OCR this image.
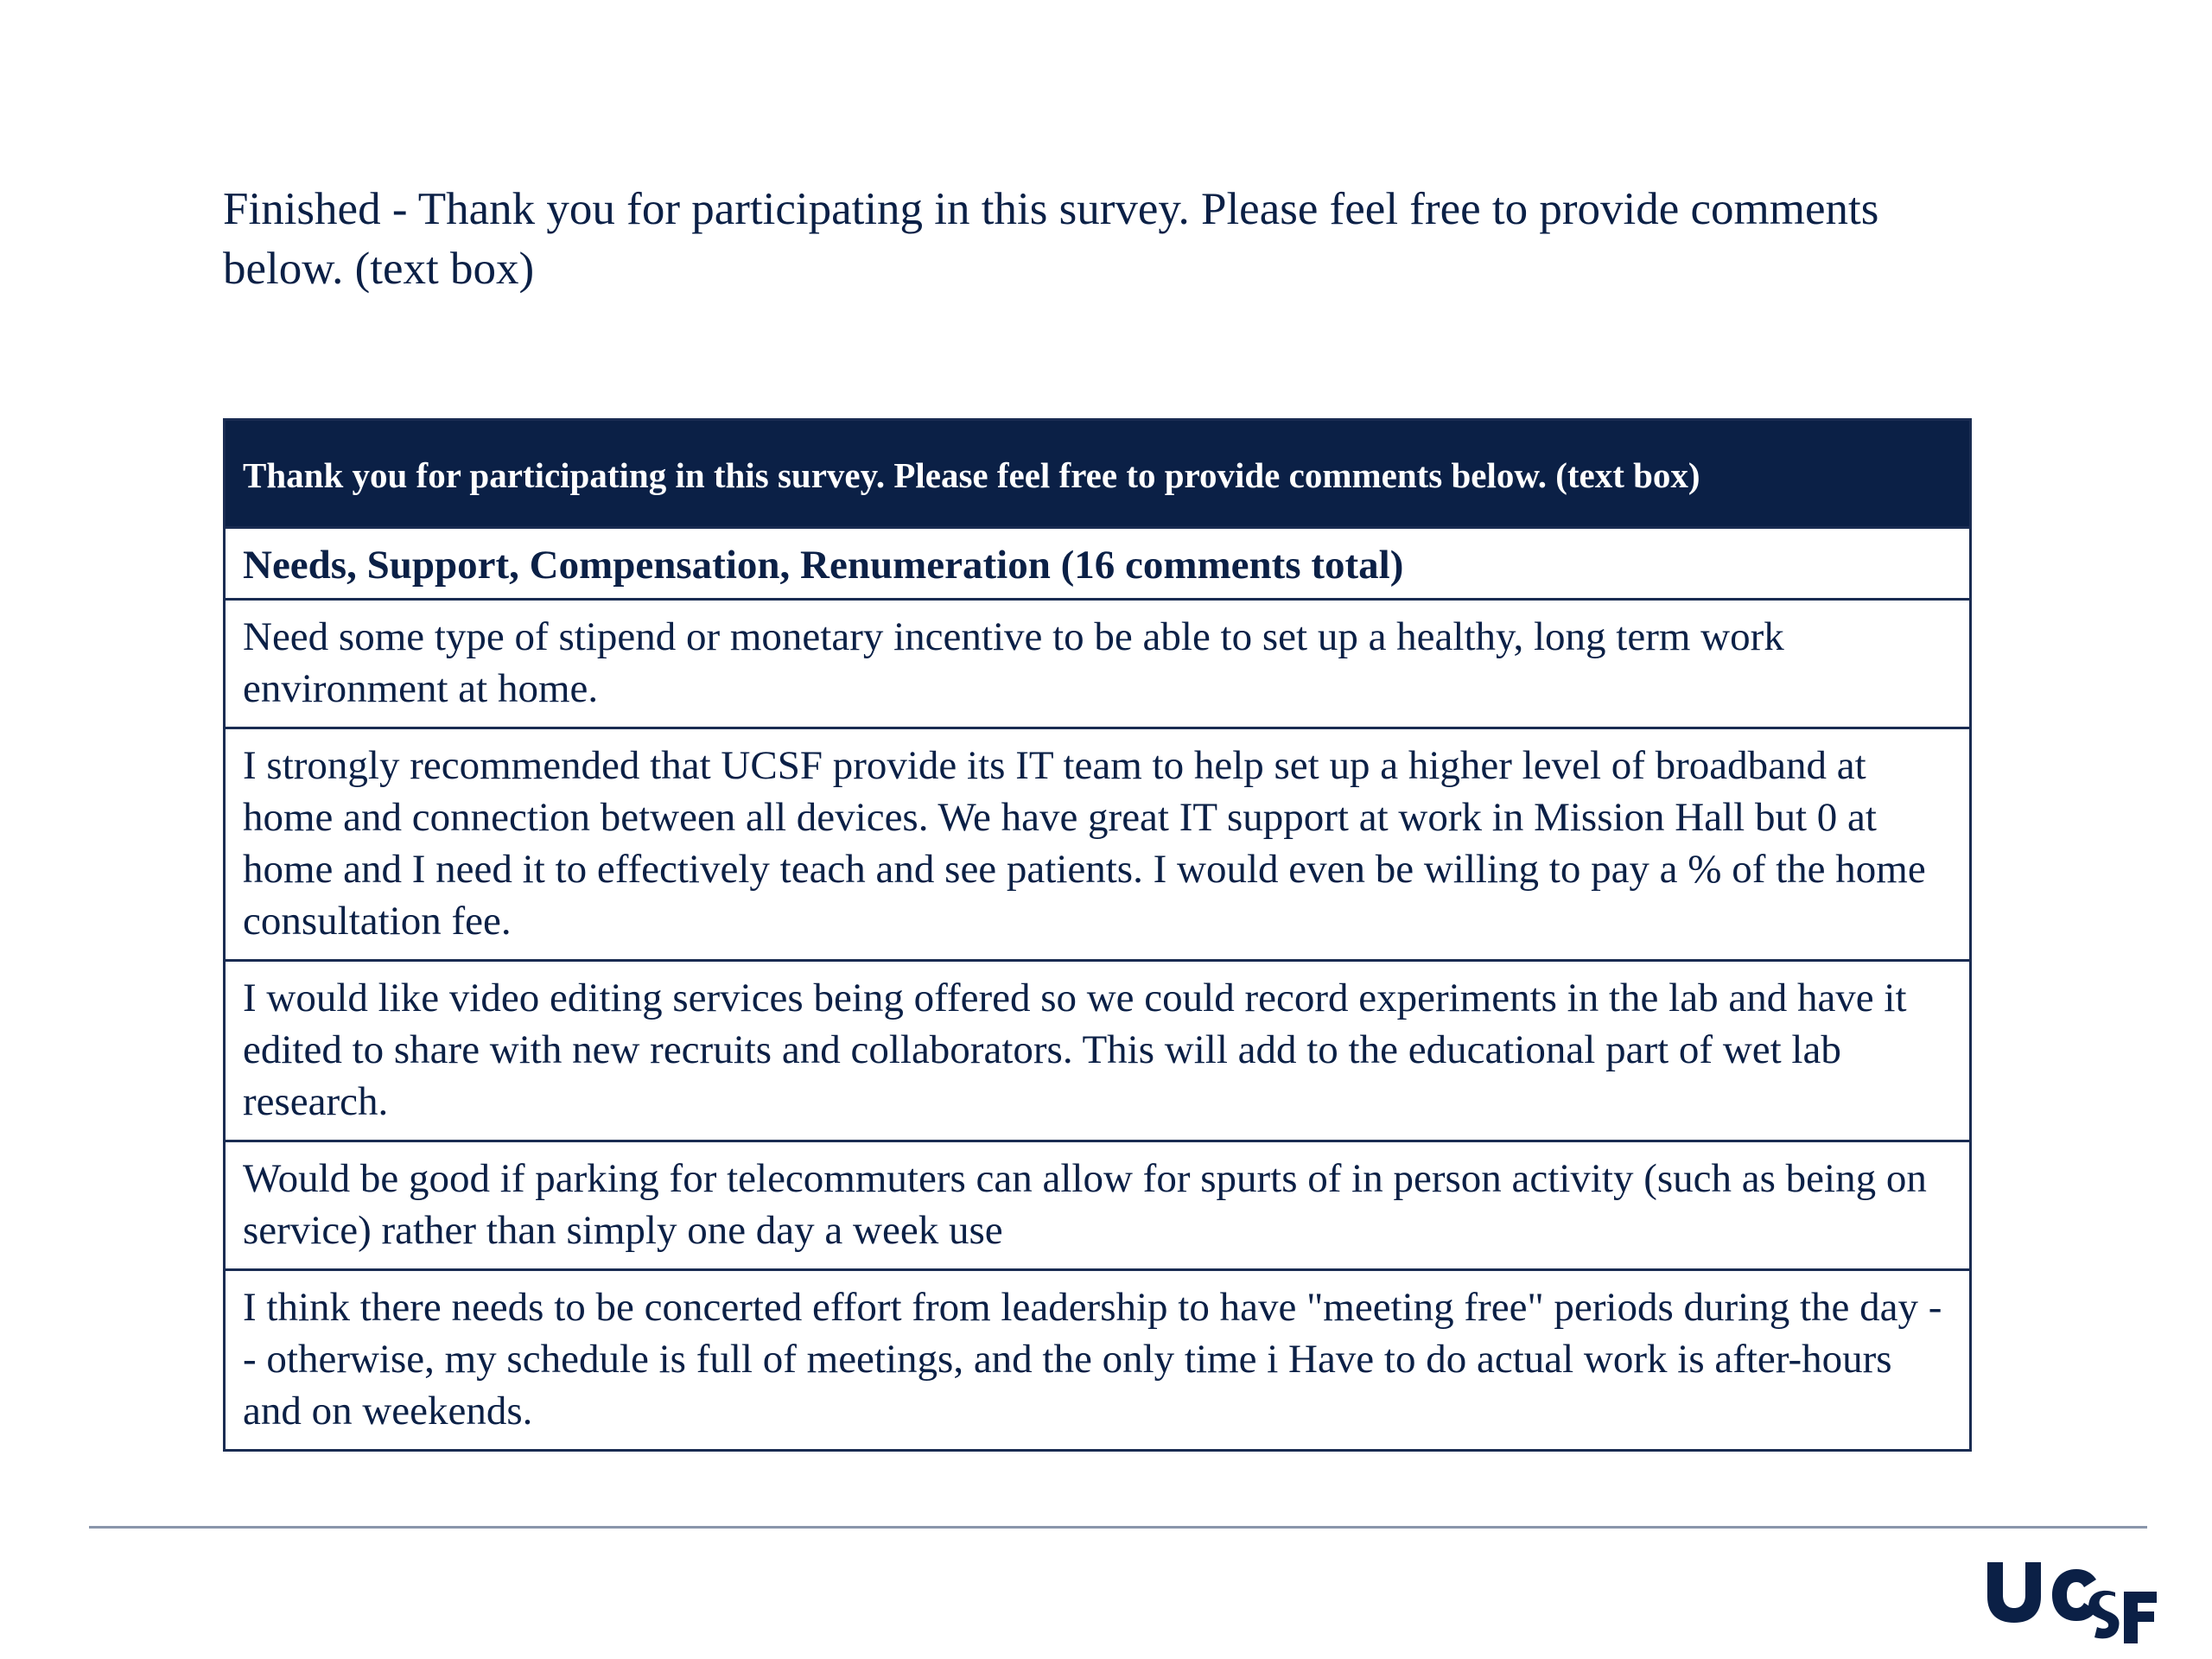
Finished - Thank you for participating in this survey. Please feel free to provide comments below. (text box)
Thank you for participating in this survey. Please feel free to provide comments below. (text box)
Needs, Support, Compensation, Renumeration (16 comments total)
Need some type of stipend or monetary incentive to be able to set up a healthy, long term work environment at home.
I strongly recommended that UCSF provide its IT team to help set up a higher level of broadband at home and connection between all devices. We have great IT support at work in Mission Hall but 0 at home and I need it to effectively teach and see patients. I would even be willing to pay a % of the home consultation fee.
I would like video editing services being offered so we could record experiments in the lab and have it edited to share with new recruits and collaborators. This will add to the educational part of wet lab research.
Would be good if parking for telecommuters can allow for spurts of in person activity (such as being on service) rather than simply one day a week use
I think there needs to be concerted effort from leadership to have "meeting free" periods during the day -- otherwise, my schedule is full of meetings, and the only time i Have to do actual work is after-hours and on weekends.
